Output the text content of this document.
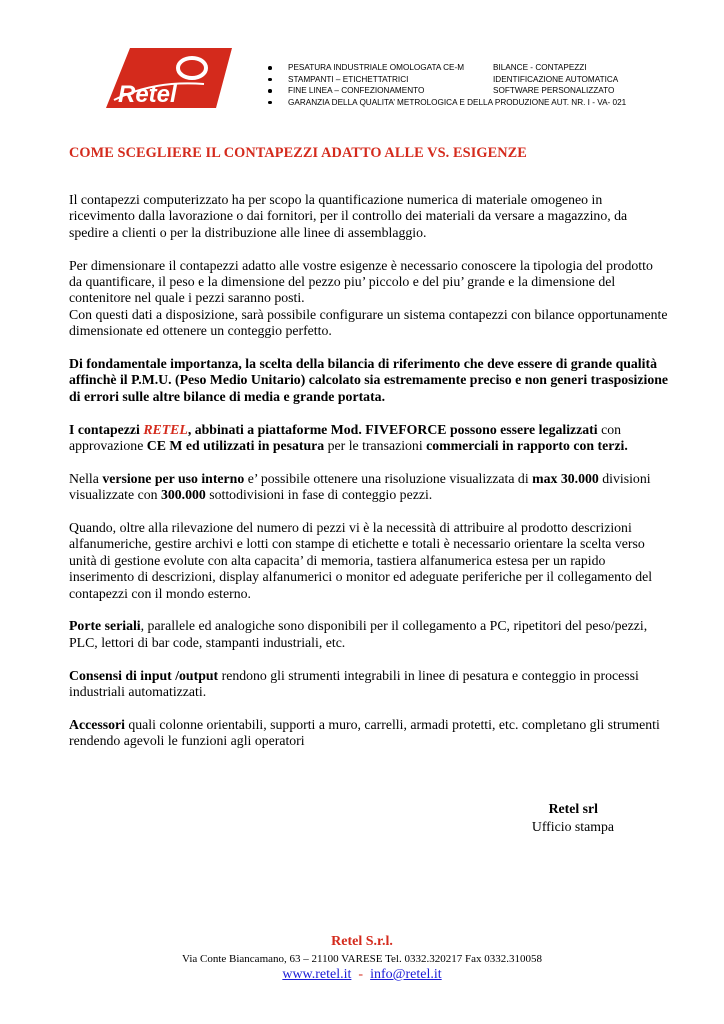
Retel
PESATURA INDUSTRIALE OMOLOGATA CE-M	BILANCE - CONTAPEZZI
STAMPANTI – ETICHETTATRICI	IDENTIFICAZIONE AUTOMATICA
FINE LINEA – CONFEZIONAMENTO	SOFTWARE PERSONALIZZATO
GARANZIA DELLA QUALITA’ METROLOGICA E DELLA PRODUZIONE AUT. NR. I - VA- 021
COME SCEGLIERE IL CONTAPEZZI ADATTO ALLE VS. ESIGENZE

Il contapezzi computerizzato ha per scopo la quantificazione numerica di materiale omogeneo in ricevimento dalla lavorazione o dai fornitori, per il controllo dei materiali da versare a magazzino, da spedire a clienti o per la distribuzione alle linee di assemblaggio.

Per dimensionare il contapezzi adatto alle vostre esigenze è necessario conoscere la tipologia del prodotto da quantificare, il peso e la dimensione del pezzo piu’ piccolo e del piu’ grande e la dimensione del contenitore nel quale i pezzi saranno posti.
Con questi dati a disposizione, sarà possibile configurare un sistema contapezzi con bilance opportunamente dimensionate ed ottenere un conteggio perfetto.

Di fondamentale importanza, la scelta della bilancia di riferimento che deve essere di grande qualità affinchè il P.M.U. (Peso Medio Unitario) calcolato sia estremamente preciso e non generi trasposizione di errori sulle altre bilance di media e grande portata.

I contapezzi RETEL, abbinati a piattaforme Mod. FIVEFORCE possono essere legalizzati con approvazione CE M ed utilizzati in pesatura per le transazioni commerciali in rapporto con terzi.

Nella versione per uso interno e’ possibile ottenere una risoluzione visualizzata di max 30.000 divisioni visualizzate con 300.000 sottodivisioni in fase di conteggio pezzi.

Quando, oltre alla rilevazione del numero di pezzi vi è la necessità di attribuire al prodotto descrizioni alfanumeriche, gestire archivi e lotti con stampe di etichette e totali è necessario orientare la scelta verso unità di gestione evolute con alta capacita’ di memoria, tastiera alfanumerica estesa per un rapido inserimento di descrizioni, display alfanumerici o monitor ed adeguate periferiche per il collegamento del contapezzi con il mondo esterno.

Porte seriali, parallele ed analogiche sono disponibili per il collegamento a PC, ripetitori del peso/pezzi, PLC, lettori di bar code, stampanti industriali, etc.

Consensi di input /output rendono gli strumenti integrabili in linee di pesatura e conteggio in processi industriali automatizzati.

Accessori quali colonne orientabili, supporti a muro, carrelli, armadi protetti, etc. completano gli strumenti rendendo agevoli le funzioni agli operatori

Retel srl
Ufficio stampa
Retel S.r.l.
Via Conte Biancamano, 63 – 21100 VARESE Tel. 0332.320217 Fax 0332.310058
www.retel.it - info@retel.it
